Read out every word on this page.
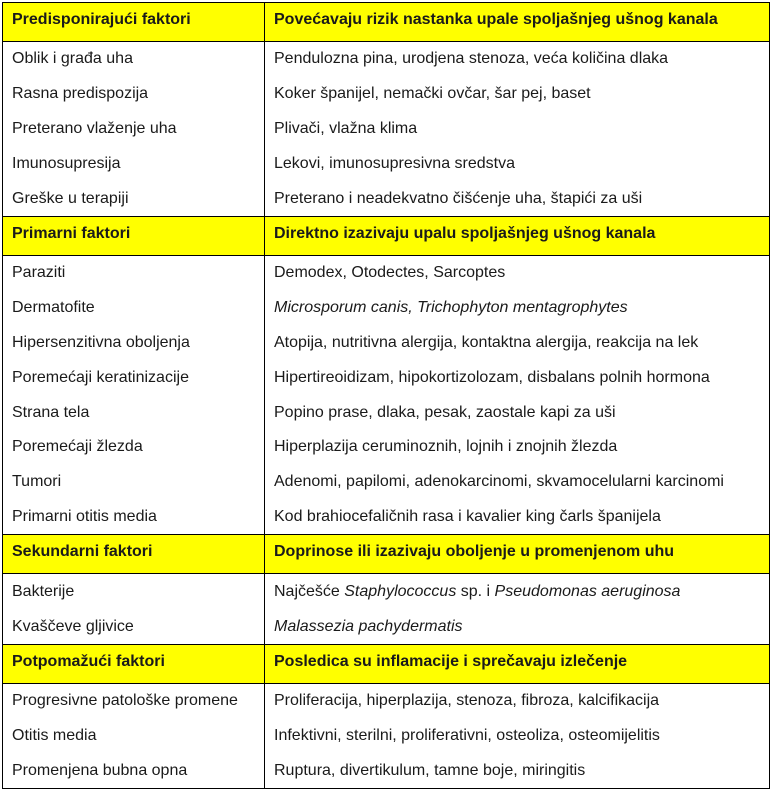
Predisponirajući faktori	Povećavaju rizik nastanka upale spoljašnjeg ušnog kanala
Oblik i građa uha	Pendulozna pina, urodjena stenoza, veća količina dlaka
Rasna predispozija	Koker španijel, nemački ovčar, šar pej, baset
Preterano vlaženje uha	Plivači, vlažna klima
Imunosupresija	Lekovi, imunosupresivna sredstva
Greške u terapiji	Preterano i neadekvatno čišćenje uha, štapići za uši
Primarni faktori	Direktno izazivaju upalu spoljašnjeg ušnog kanala
Paraziti	Demodex, Otodectes, Sarcoptes
Dermatofite	Microsporum canis, Trichophyton mentagrophytes
Hipersenzitivna oboljenja	Atopija, nutritivna alergija, kontaktna alergija, reakcija na lek
Poremećaji keratinizacije	Hipertireoidizam, hipokortizolozam, disbalans polnih hormona
Strana tela	Popino prase, dlaka, pesak, zaostale kapi za uši
Poremećaji žlezda	Hiperplazija ceruminoznih, lojnih i znojnih žlezda
Tumori	Adenomi, papilomi, adenokarcinomi, skvamocelularni karcinomi
Primarni otitis media	Kod brahiocefaličnih rasa i kavalier king čarls španijela
Sekundarni faktori	Doprinose ili izazivaju oboljenje u promenjenom uhu
Bakterije	Najčešće Staphylococcus sp. i Pseudomonas aeruginosa
Kvaščeve gljivice	Malassezia pachydermatis
Potpomažući faktori	Posledica su inflamacije i sprečavaju izlečenje
Progresivne patološke promene	Proliferacija, hiperplazija, stenoza, fibroza, kalcifikacija
Otitis media	Infektivni, sterilni, proliferativni, osteoliza, osteomijelitis
Promenjena bubna opna	Ruptura, divertikulum, tamne boje, miringitis
